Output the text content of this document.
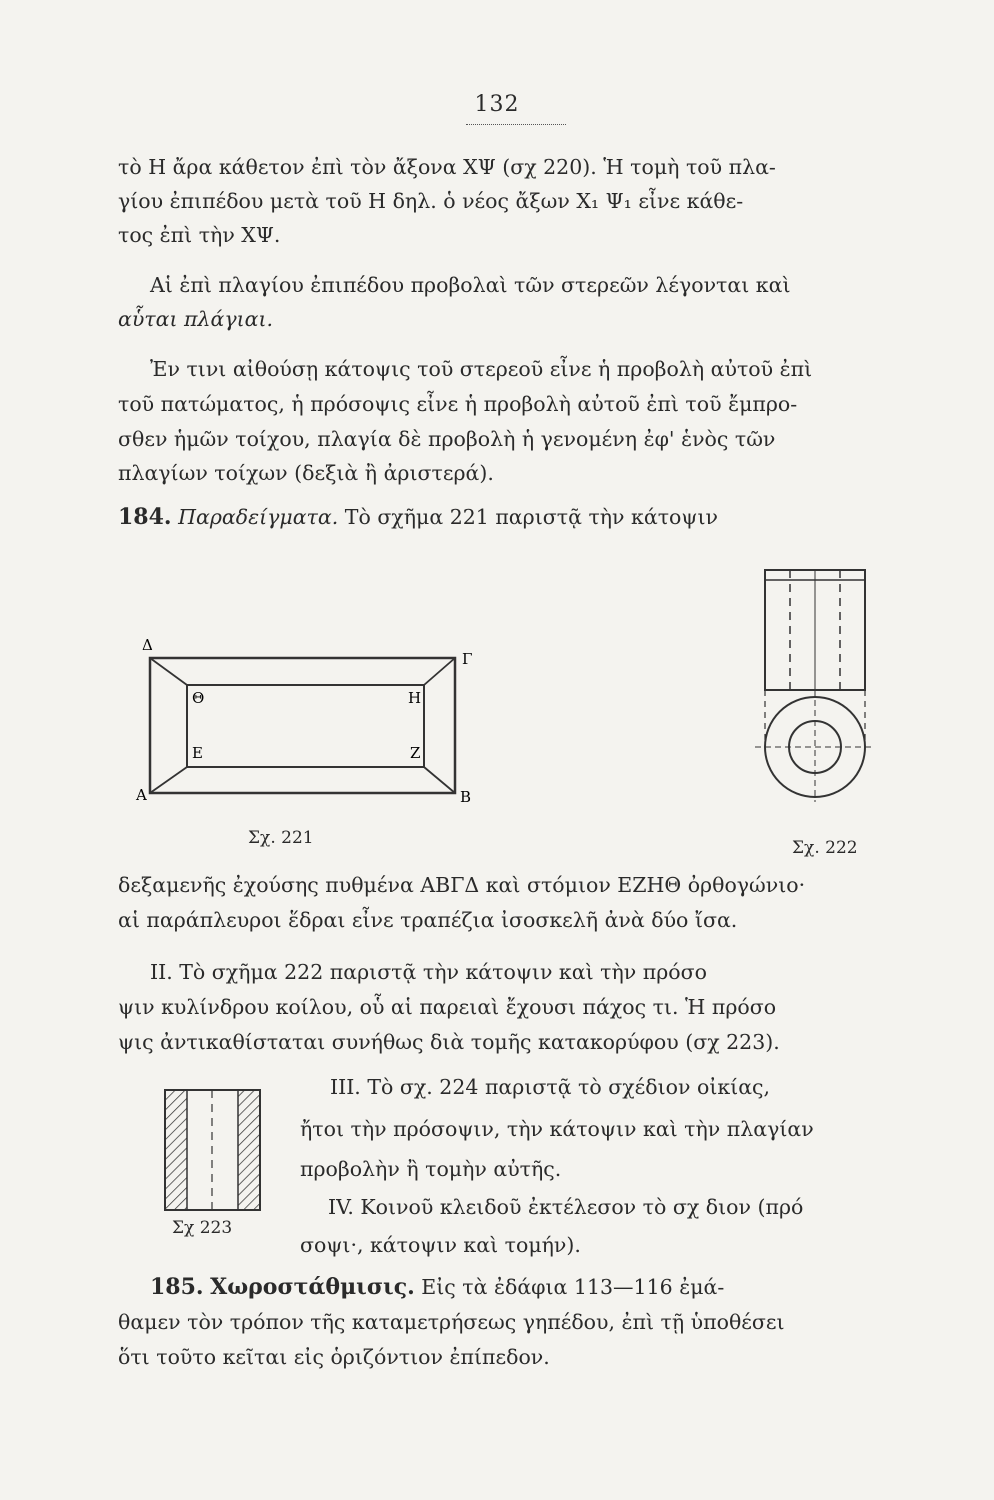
132
τὸ Η ἄρα κάθετον ἐπὶ τὸν ἄξονα ΧΨ (σχ 220). Ἡ τομὴ τοῦ πλα-
γίου ἐπιπέδου μετὰ τοῦ Η δηλ. ὁ νέος ἄξων Χ₁ Ψ₁ εἶνε κάθε-
τος ἐπὶ τὴν ΧΨ.
Αἱ ἐπὶ πλαγίου ἐπιπέδου προβολαὶ τῶν στερεῶν λέγονται καὶ
αὗται πλάγιαι.
Ἐν τινι αἰθούσῃ κάτοψις τοῦ στερεοῦ εἶνε ἡ προβολὴ αὐτοῦ ἐπὶ
τοῦ πατώματος, ἡ πρόσοψις εἶνε ἡ προβολὴ αὐτοῦ ἐπὶ τοῦ ἔμπρο-
σθεν ἡμῶν τοίχου, πλαγία δὲ προβολὴ ἡ γενομένη ἐφ' ἑνὸς τῶν
πλαγίων τοίχων (δεξιὰ ἢ ἀριστερά).
184. Παραδείγματα. Τὸ σχῆμα 221 παριστᾷ τὴν κάτοψιν
Δ
Γ
Α	Β
Θ	Η
Ε	Ζ
Σχ. 221	Σχ. 222
δεξαμενῆς ἐχούσης πυθμένα ΑΒΓΔ καὶ στόμιον ΕΖΗΘ ὀρθογώνιο·
αἱ παράπλευροι ἕδραι εἶνε τραπέζια ἰσοσκελῆ ἀνὰ δύο ἴσα.
ΙΙ. Τὸ σχῆμα 222 παριστᾷ τὴν κάτοψιν καὶ τὴν πρόσο
ψιν κυλίνδρου κοίλου, οὗ αἱ παρειαὶ ἔχουσι πάχος τι. Ἡ πρόσο
ψις ἀντικαθίσταται συνήθως διὰ τομῆς κατακορύφου (σχ 223).
Σχ 223
ΙΙΙ. Τὸ σχ. 224 παριστᾷ τὸ σχέδιον οἰκίας,
ἤτοι τὴν πρόσοψιν, τὴν κάτοψιν καὶ τὴν πλαγίαν
προβολὴν ἢ τομὴν αὐτῆς.
ΙV. Κοινοῦ κλειδοῦ ἐκτέλεσον τὸ σχ διον (πρό
σοψι·, κάτοψιν καὶ τομήν).
185. Χωροστάθμισις. Εἰς τὰ ἐδάφια 113—116 ἐμά-
θαμεν τὸν τρόπον τῆς καταμετρήσεως γηπέδου, ἐπὶ τῇ ὑποθέσει
ὅτι τοῦτο κεῖται εἰς ὁριζόντιον ἐπίπεδον.
